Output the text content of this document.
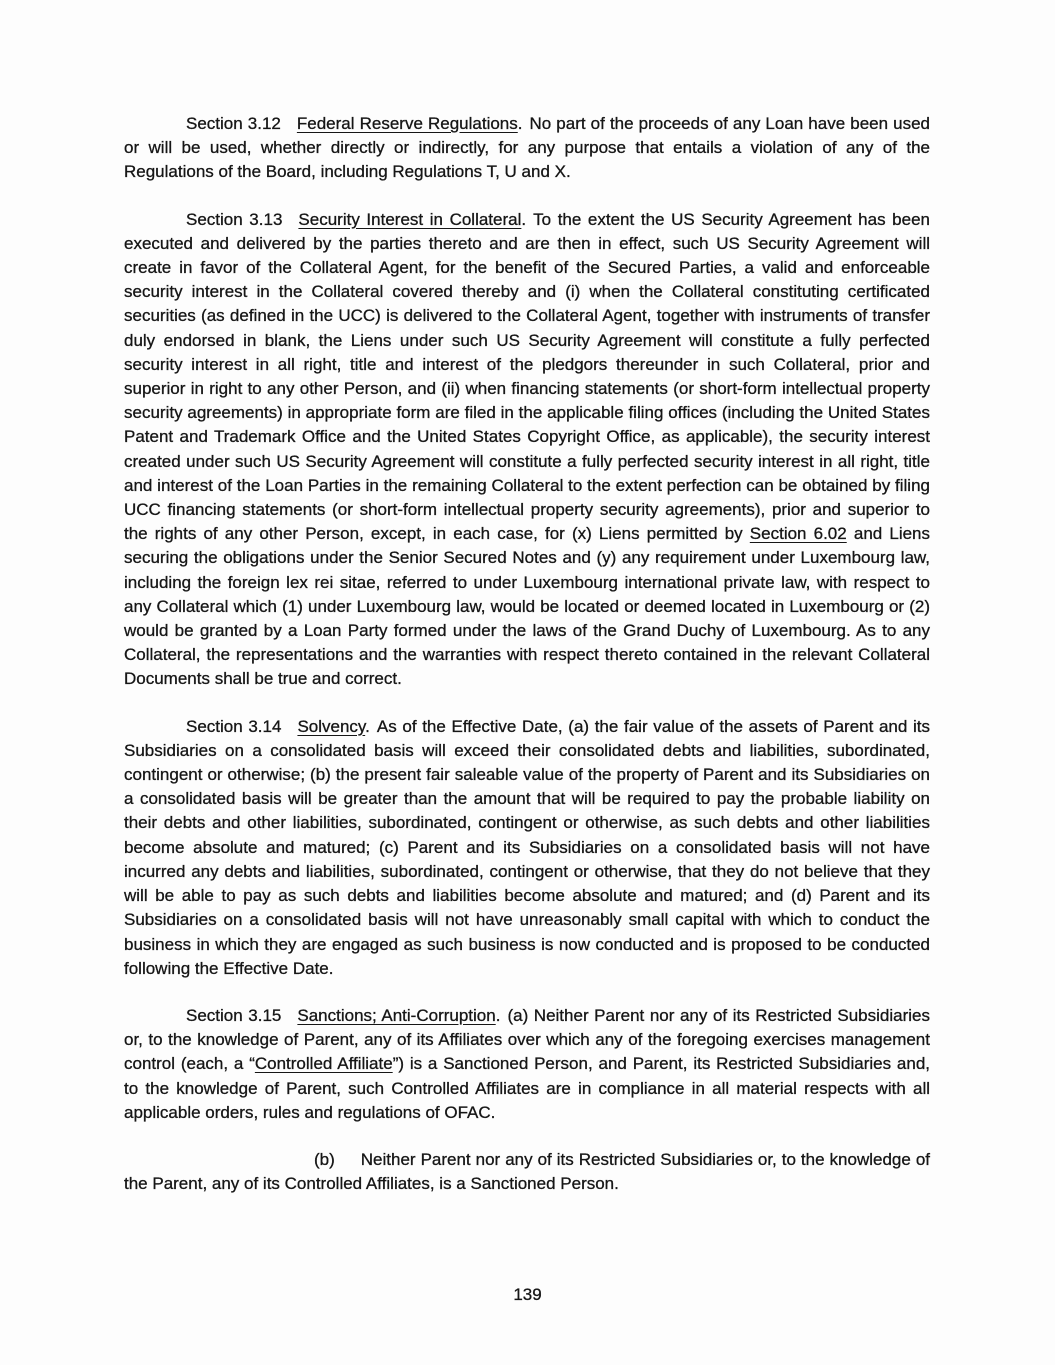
Section 3.12 Federal Reserve Regulations. No part of the proceeds of any Loan have been used or will be used, whether directly or indirectly, for any purpose that entails a violation of any of the Regulations of the Board, including Regulations T, U and X.

Section 3.13 Security Interest in Collateral. To the extent the US Security Agreement has been executed and delivered by the parties thereto and are then in effect, such US Security Agreement will create in favor of the Collateral Agent, for the benefit of the Secured Parties, a valid and enforceable security interest in the Collateral covered thereby and (i) when the Collateral constituting certificated securities (as defined in the UCC) is delivered to the Collateral Agent, together with instruments of transfer duly endorsed in blank, the Liens under such US Security Agreement will constitute a fully perfected security interest in all right, title and interest of the pledgors thereunder in such Collateral, prior and superior in right to any other Person, and (ii) when financing statements (or short-form intellectual property security agreements) in appropriate form are filed in the applicable filing offices (including the United States Patent and Trademark Office and the United States Copyright Office, as applicable), the security interest created under such US Security Agreement will constitute a fully perfected security interest in all right, title and interest of the Loan Parties in the remaining Collateral to the extent perfection can be obtained by filing UCC financing statements (or short-form intellectual property security agreements), prior and superior to the rights of any other Person, except, in each case, for (x) Liens permitted by Section 6.02 and Liens securing the obligations under the Senior Secured Notes and (y) any requirement under Luxembourg law, including the foreign lex rei sitae, referred to under Luxembourg international private law, with respect to any Collateral which (1) under Luxembourg law, would be located or deemed located in Luxembourg or (2) would be granted by a Loan Party formed under the laws of the Grand Duchy of Luxembourg. As to any Collateral, the representations and the warranties with respect thereto contained in the relevant Collateral Documents shall be true and correct.

Section 3.14 Solvency. As of the Effective Date, (a) the fair value of the assets of Parent and its Subsidiaries on a consolidated basis will exceed their consolidated debts and liabilities, subordinated, contingent or otherwise; (b) the present fair saleable value of the property of Parent and its Subsidiaries on a consolidated basis will be greater than the amount that will be required to pay the probable liability on their debts and other liabilities, subordinated, contingent or otherwise, as such debts and other liabilities become absolute and matured; (c) Parent and its Subsidiaries on a consolidated basis will not have incurred any debts and liabilities, subordinated, contingent or otherwise, that they do not believe that they will be able to pay as such debts and liabilities become absolute and matured; and (d) Parent and its Subsidiaries on a consolidated basis will not have unreasonably small capital with which to conduct the business in which they are engaged as such business is now conducted and is proposed to be conducted following the Effective Date.

Section 3.15 Sanctions; Anti-Corruption. (a) Neither Parent nor any of its Restricted Subsidiaries or, to the knowledge of Parent, any of its Affiliates over which any of the foregoing exercises management control (each, a “Controlled Affiliate”) is a Sanctioned Person, and Parent, its Restricted Subsidiaries and, to the knowledge of Parent, such Controlled Affiliates are in compliance in all material respects with all applicable orders, rules and regulations of OFAC.

(b) Neither Parent nor any of its Restricted Subsidiaries or, to the knowledge of the Parent, any of its Controlled Affiliates, is a Sanctioned Person.

139
